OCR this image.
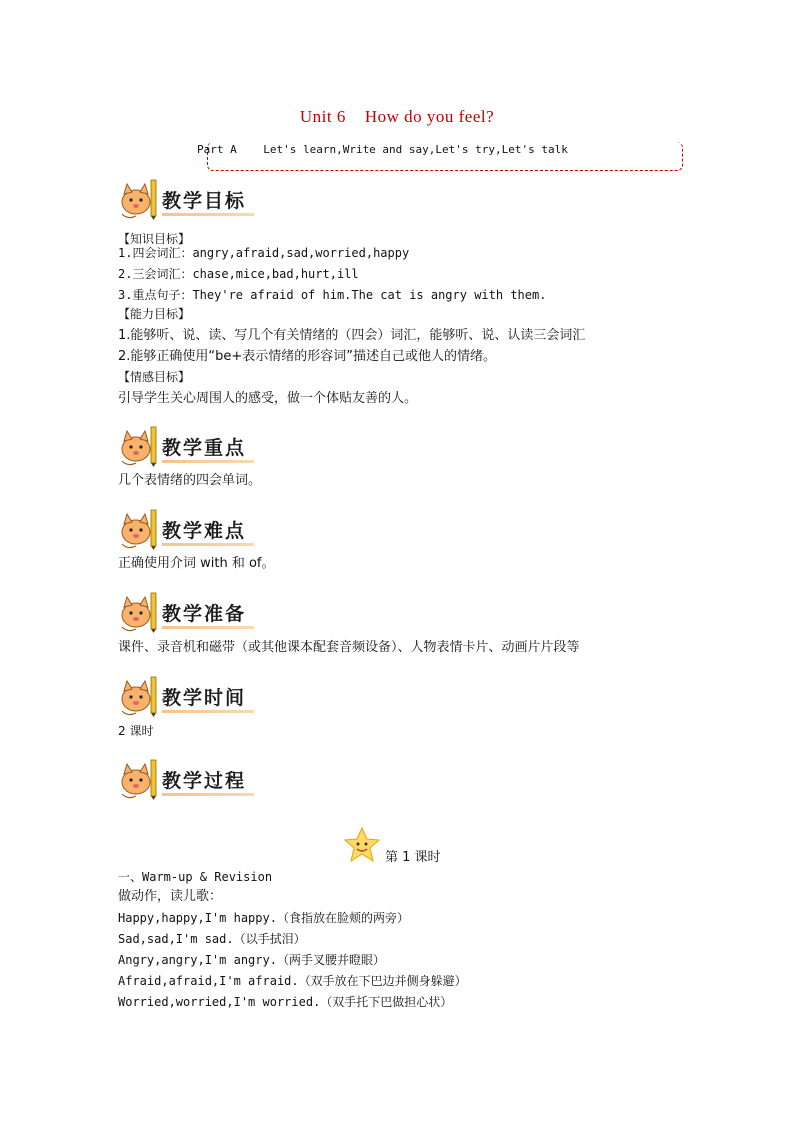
Unit 6    How do you feel?
Part A    Let's learn,Write and say,Let's try,Let's talk
教学目标
【知识目标】
1.四会词汇：angry,afraid,sad,worried,happy
2.三会词汇：chase,mice,bad,hurt,ill
3.重点句子：They're afraid of him.The cat is angry with them.
【能力目标】
1.能够听、说、读、写几个有关情绪的（四会）词汇，能够听、说、认读三会词汇
2.能够正确使用“be+表示情绪的形容词”描述自己或他人的情绪。
【情感目标】
引导学生关心周围人的感受，做一个体贴友善的人。
教学重点
几个表情绪的四会单词。
教学难点
正确使用介词 with 和 of。
教学准备
课件、录音机和磁带（或其他课本配套音频设备）、人物表情卡片、动画片片段等
教学时间
2 课时
教学过程
第 1 课时
一、Warm-up & Revision
做动作，读儿歌：
Happy,happy,I'm happy.（食指放在脸颊的两旁）
Sad,sad,I'm sad.（以手拭泪）
Angry,angry,I'm angry.（两手叉腰并瞪眼）
Afraid,afraid,I'm afraid.（双手放在下巴边并侧身躲避）
Worried,worried,I'm worried.（双手托下巴做担心状）
